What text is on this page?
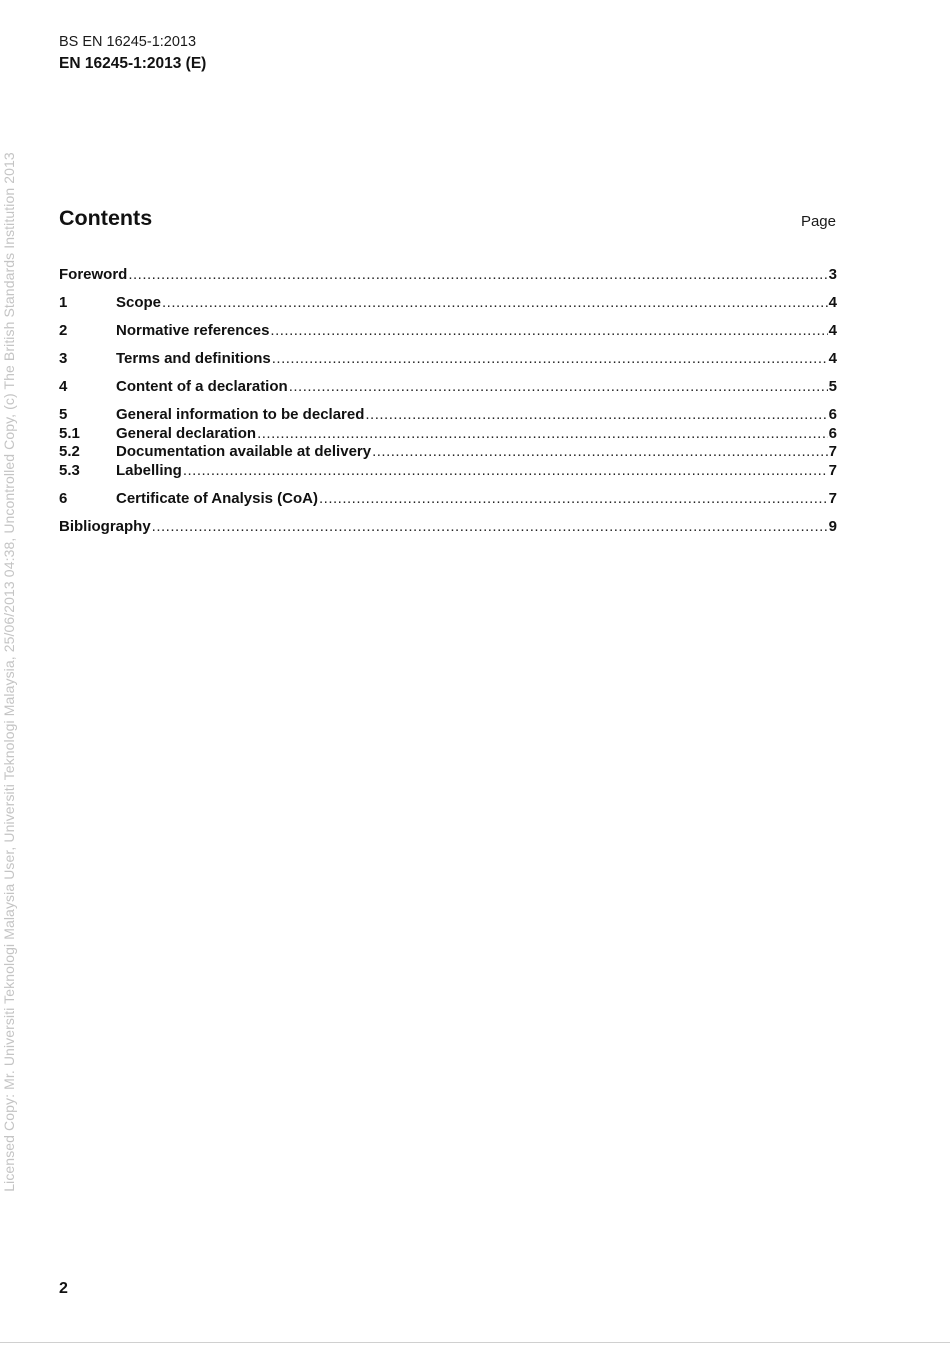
Licensed Copy: Mr. Universiti Teknologi Malaysia User, Universiti Teknologi Malaysia, 25/06/2013 04:38, Uncontrolled Copy, (c) The British Standards Institution 2013
BS EN 16245-1:2013
EN 16245-1:2013 (E)
Contents	Page
Foreword .....	3
1	Scope .....	4
2	Normative references .....	4
3	Terms and definitions .....	4
4	Content of a declaration .....	5
5	General information to be declared .....	6
5.1	General declaration .....	6
5.2	Documentation available at delivery .....	7
5.3	Labelling .....	7
6	Certificate of Analysis (CoA) .....	7
Bibliography .....	9
2
